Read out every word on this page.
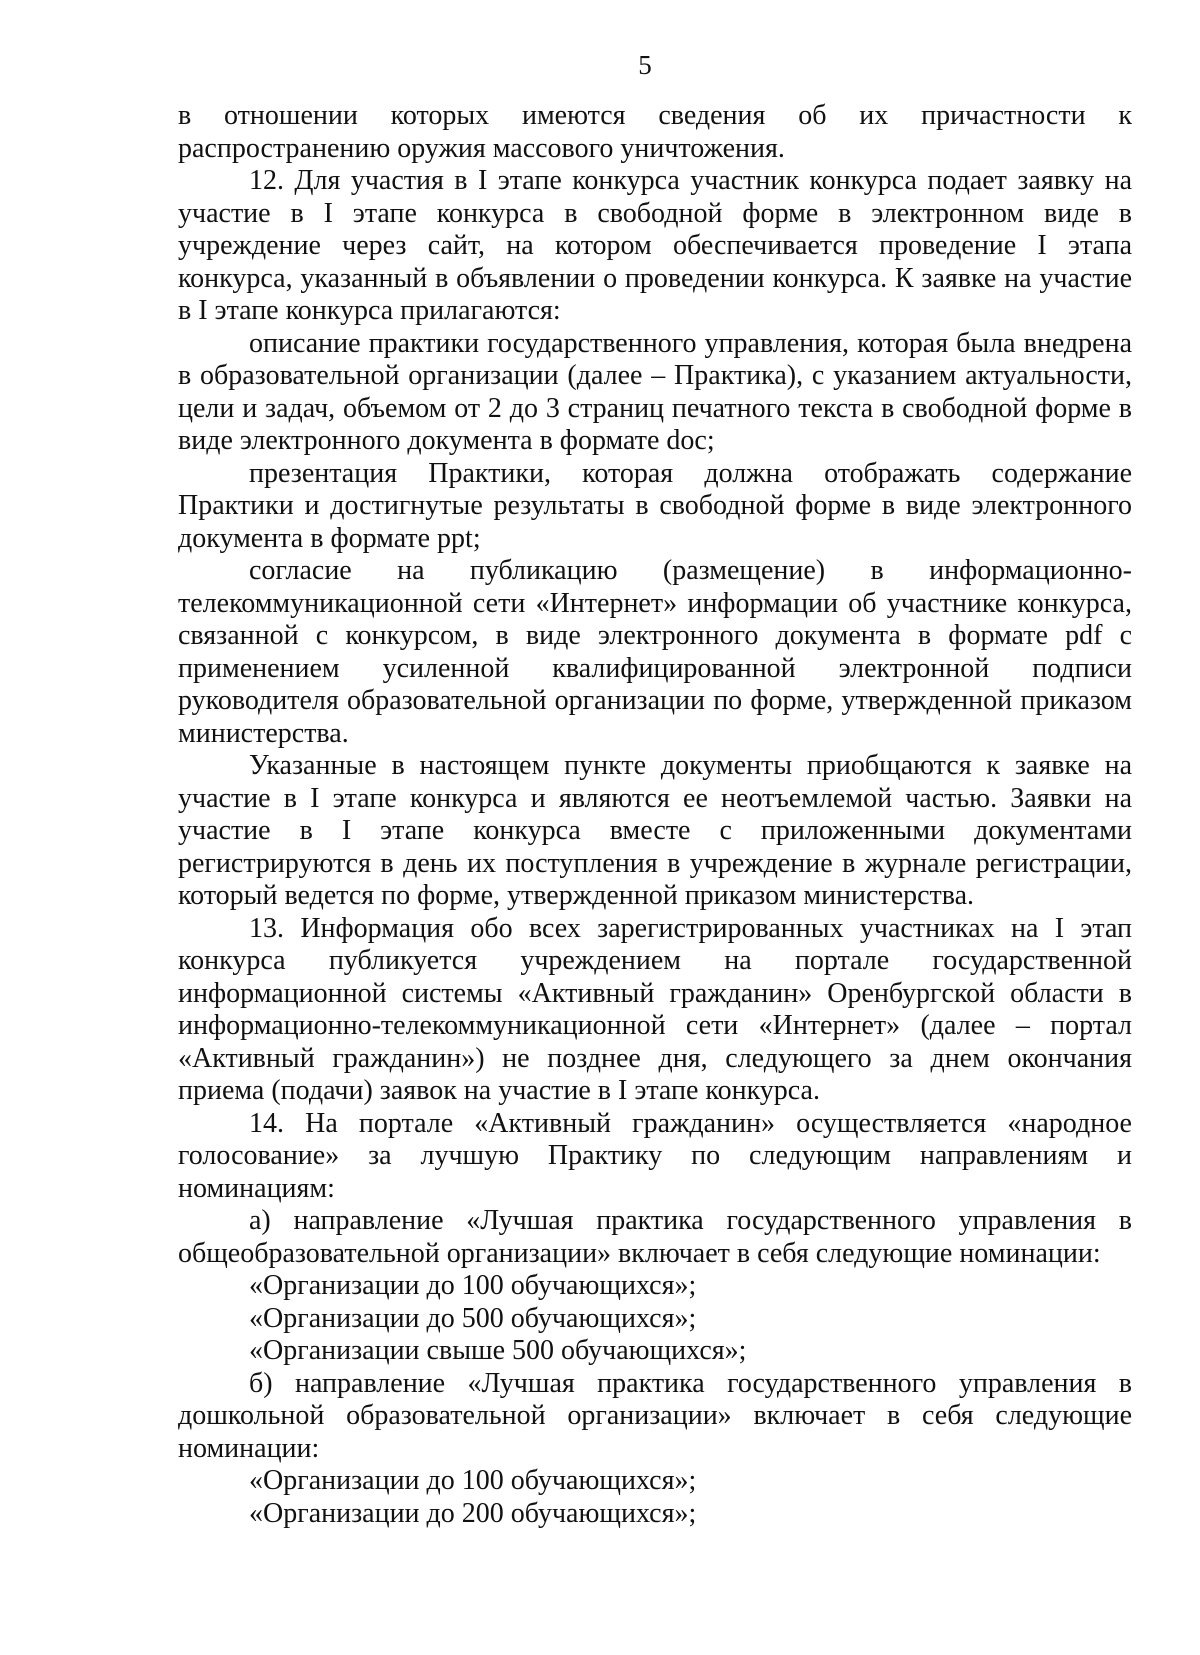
5

в отношении которых имеются сведения об их причастности к распространению оружия массового уничтожения.

12. Для участия в I этапе конкурса участник конкурса подает заявку на участие в I этапе конкурса в свободной форме в электронном виде в учреждение через сайт, на котором обеспечивается проведение I этапа конкурса, указанный в объявлении о проведении конкурса. К заявке на участие в I этапе конкурса прилагаются:

описание практики государственного управления, которая была внедрена в образовательной организации (далее – Практика), с указанием актуальности, цели и задач, объемом от 2 до 3 страниц печатного текста в свободной форме в виде электронного документа в формате doc;

презентация Практики, которая должна отображать содержание Практики и достигнутые результаты в свободной форме в виде электронного документа в формате ppt;

согласие на публикацию (размещение) в информационно-телекоммуникационной сети «Интернет» информации об участнике конкурса, связанной с конкурсом, в виде электронного документа в формате pdf с применением усиленной квалифицированной электронной подписи руководителя образовательной организации по форме, утвержденной приказом министерства.

Указанные в настоящем пункте документы приобщаются к заявке на участие в I этапе конкурса и являются ее неотъемлемой частью. Заявки на участие в I этапе конкурса вместе с приложенными документами регистрируются в день их поступления в учреждение в журнале регистрации, который ведется по форме, утвержденной приказом министерства.

13. Информация обо всех зарегистрированных участниках на I этап конкурса публикуется учреждением на портале государственной информационной системы «Активный гражданин» Оренбургской области в информационно-телекоммуникационной сети «Интернет» (далее – портал «Активный гражданин») не позднее дня, следующего за днем окончания приема (подачи) заявок на участие в I этапе конкурса.

14. На портале «Активный гражданин» осуществляется «народное голосование» за лучшую Практику по следующим направлениям и номинациям:

а) направление «Лучшая практика государственного управления в общеобразовательной организации» включает в себя следующие номинации:

«Организации до 100 обучающихся»;

«Организации до 500 обучающихся»;

«Организации свыше 500 обучающихся»;

б) направление «Лучшая практика государственного управления в дошкольной образовательной организации» включает в себя следующие номинации:

«Организации до 100 обучающихся»;

«Организации до 200 обучающихся»;
